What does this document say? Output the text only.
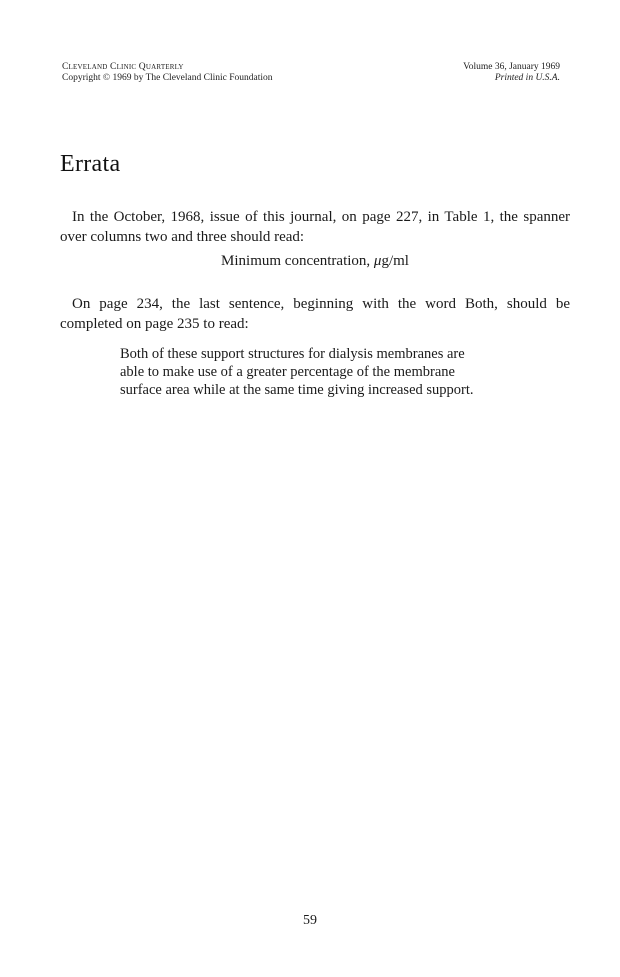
Cleveland Clinic Quarterly
Copyright © 1969 by The Cleveland Clinic Foundation
Volume 36, January 1969
Printed in U.S.A.
Errata

In the October, 1968, issue of this journal, on page 227, in Table 1, the spanner over columns two and three should read:

Minimum concentration, μg/ml

On page 234, the last sentence, beginning with the word Both, should be completed on page 235 to read:

Both of these support structures for dialysis membranes are
able to make use of a greater percentage of the membrane
surface area while at the same time giving increased support.

59
